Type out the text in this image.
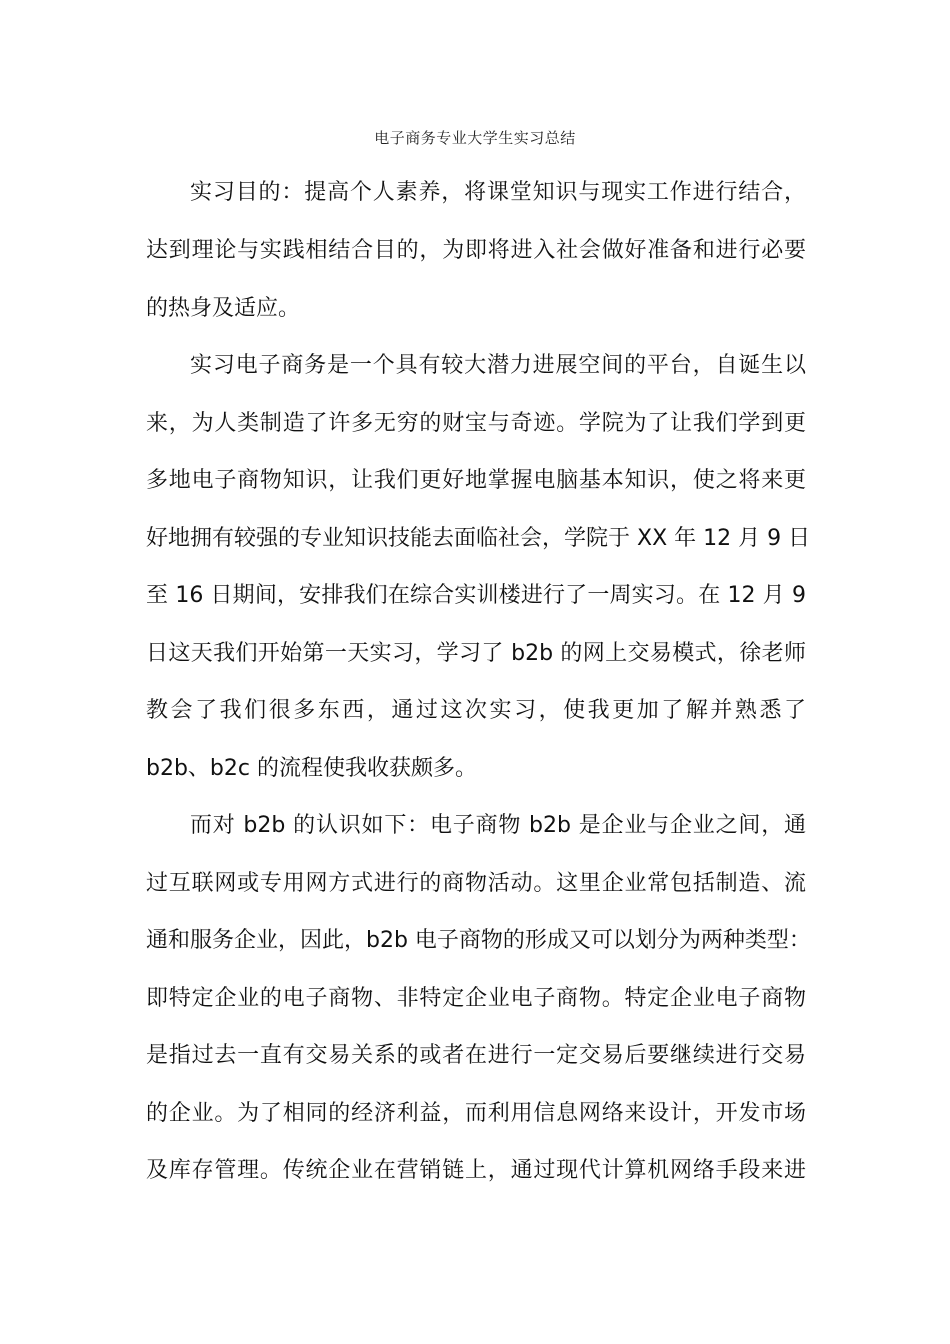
电子商务专业大学生实习总结
实习目的：提高个人素养，将课堂知识与现实工作进行结合，
达到理论与实践相结合目的，为即将进入社会做好准备和进行必要
的热身及适应。
实习电子商务是一个具有较大潜力进展空间的平台，自诞生以
来，为人类制造了许多无穷的财宝与奇迹。学院为了让我们学到更
多地电子商物知识，让我们更好地掌握电脑基本知识，使之将来更
好地拥有较强的专业知识技能去面临社会，学院于 XX 年 12 月 9 日
至 16 日期间，安排我们在综合实训楼进行了一周实习。在 12 月 9
日这天我们开始第一天实习，学习了 b2b 的网上交易模式，徐老师
教会了我们很多东西，通过这次实习，使我更加了解并熟悉了
b2b、b2c 的流程使我收获颇多。
而对 b2b 的认识如下：电子商物 b2b 是企业与企业之间，通
过互联网或专用网方式进行的商物活动。这里企业常包括制造、流
通和服务企业，因此，b2b 电子商物的形成又可以划分为两种类型：
即特定企业的电子商物、非特定企业电子商物。特定企业电子商物
是指过去一直有交易关系的或者在进行一定交易后要继续进行交易
的企业。为了相同的经济利益，而利用信息网络来设计，开发市场
及库存管理。传统企业在营销链上，通过现代计算机网络手段来进
